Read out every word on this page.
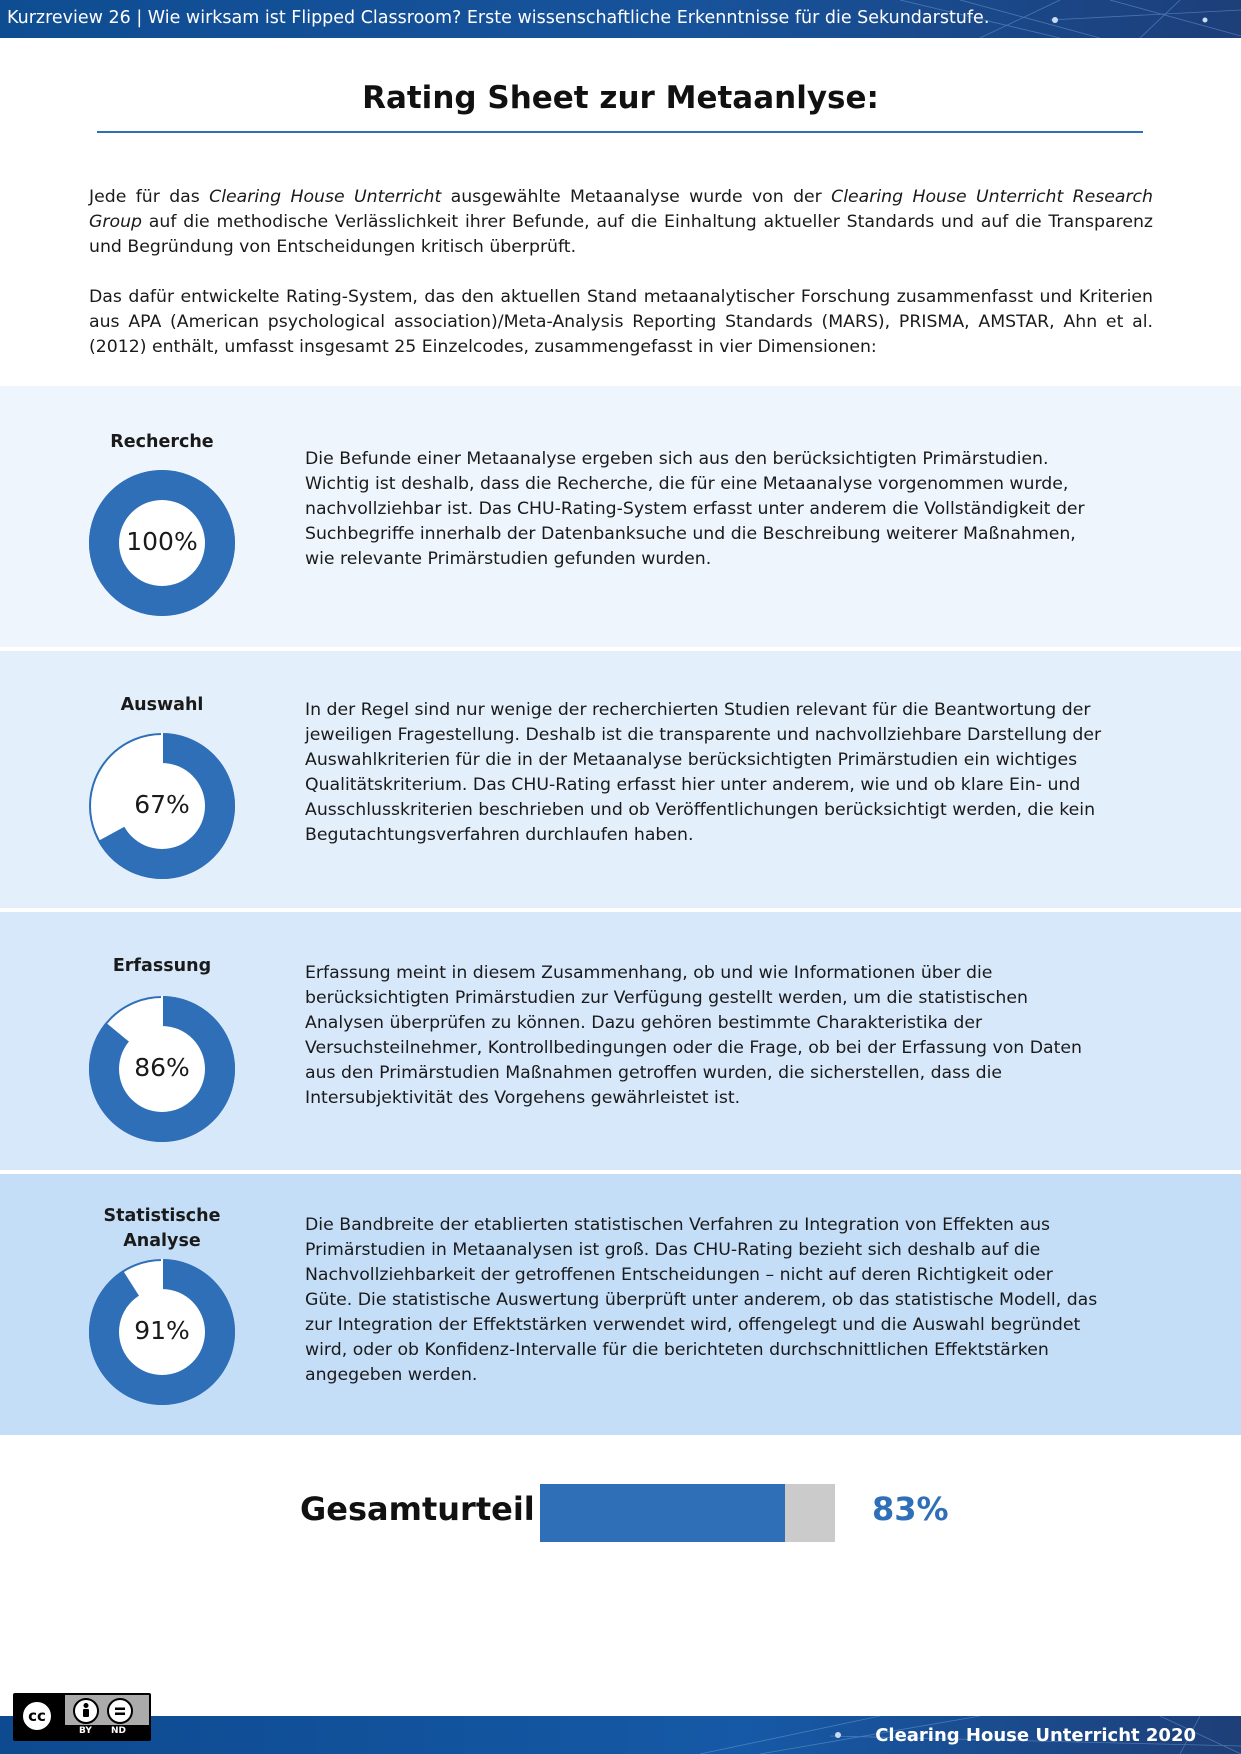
Kurzreview 26 | Wie wirksam ist Flipped Classroom? Erste wissenschaftliche Erkenntnisse für die Sekundarstufe.
Rating Sheet zur Metaanlyse:

Jede für das Clearing House Unterricht ausgewählte Metaanalyse wurde von der Clearing House Unterricht Research Group auf die methodische Verlässlichkeit ihrer Befunde, auf die Einhaltung aktueller Standards und auf die Transparenz und Begründung von Entscheidungen kritisch überprüft.

Das dafür entwickelte Rating-System, das den aktuellen Stand metaanalytischer Forschung zusammenfasst und Kriterien aus APA (American psychological association)/Meta-Analysis Reporting Standards (MARS), PRISMA, AMSTAR, Ahn et al. (2012) enthält, umfasst insgesamt 25 Einzelcodes, zusammengefasst in vier Dimensionen:

Recherche
100%

Die Befunde einer Metaanalyse ergeben sich aus den berücksichtigten Primärstudien. Wichtig ist deshalb, dass die Recherche, die für eine Metaanalyse vorgenommen wurde, nachvollziehbar ist. Das CHU-Rating-System erfasst unter anderem die Vollständigkeit der Suchbegriffe innerhalb der Datenbanksuche und die Beschreibung weiterer Maßnahmen, wie relevante Primärstudien gefunden wurden.

Auswahl
67%

In der Regel sind nur wenige der recherchierten Studien relevant für die Beantwortung der jeweiligen Fragestellung. Deshalb ist die transparente und nachvollziehbare Darstellung der Auswahlkriterien für die in der Metaanalyse berücksichtigten Primärstudien ein wichtiges Qualitätskriterium. Das CHU-Rating erfasst hier unter anderem, wie und ob klare Ein- und Ausschlusskriterien beschrieben und ob Veröffentlichungen berücksichtigt werden, die kein Begutachtungsverfahren durchlaufen haben.

Erfassung
86%

Erfassung meint in diesem Zusammenhang, ob und wie Informationen über die berücksichtigten Primärstudien zur Verfügung gestellt werden, um die statistischen Analysen überprüfen zu können. Dazu gehören bestimmte Charakteristika der Versuchsteilnehmer, Kontrollbedingungen oder die Frage, ob bei der Erfassung von Daten aus den Primärstudien Maßnahmen getroffen wurden, die sicherstellen, dass die Intersubjektivität des Vorgehens gewährleistet ist.

Statistische Analyse
91%

Die Bandbreite der etablierten statistischen Verfahren zu Integration von Effekten aus Primärstudien in Metaanalysen ist groß. Das CHU-Rating bezieht sich deshalb auf die Nachvollziehbarkeit der getroffenen Entscheidungen – nicht auf deren Richtigkeit oder Güte. Die statistische Auswertung überprüft unter anderem, ob das statistische Modell, das zur Integration der Effektstärken verwendet wird, offengelegt und die Auswahl begründet wird, oder ob Konfidenz-Intervalle für die berichteten durchschnittlichen Effektstärken angegeben werden.

Gesamturteil	83%
Clearing House Unterricht 2020
cc
BY ND
